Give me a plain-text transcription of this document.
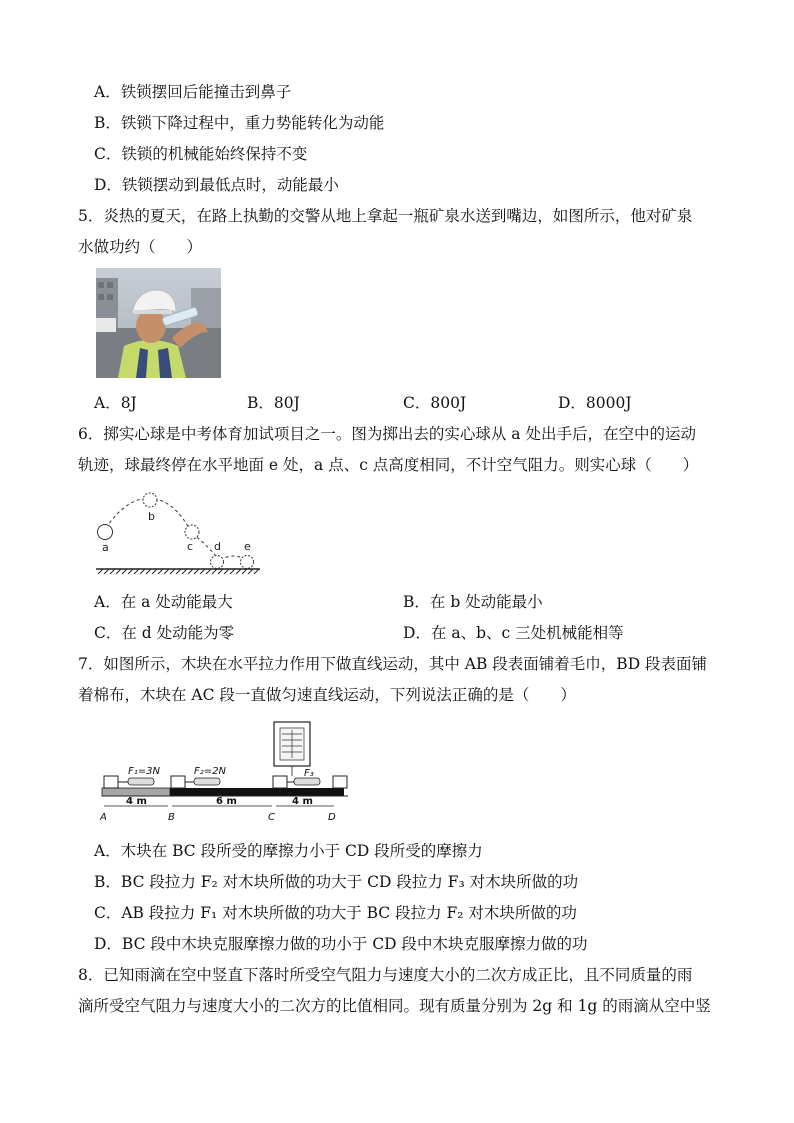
A．铁锁摆回后能撞击到鼻子
B．铁锁下降过程中，重力势能转化为动能
C．铁锁的机械能始终保持不变
D．铁锁摆动到最低点时，动能最小
5．炎热的夏天，在路上执勤的交警从地上拿起一瓶矿泉水送到嘴边，如图所示，他对矿泉
水做功约（　　）
A．8J	B．80J	C．800J	D．8000J
6．掷实心球是中考体育加试项目之一。图为掷出去的实心球从 a 处出手后，在空中的运动
轨迹，球最终停在水平地面 e 处，a 点、c 点高度相同，不计空气阻力。则实心球（　　）
a
b
c d e
A．在 a 处动能最大	B．在 b 处动能最小
C．在 d 处动能为零	D．在 a、b、c 三处机械能相等
7．如图所示，木块在水平拉力作用下做直线运动，其中 AB 段表面铺着毛巾，BD 段表面铺
着棉布，木块在 AC 段一直做匀速直线运动，下列说法正确的是（　　）
F₁=3N	F₂=2N	F₃
4 m	6 m	4 m
A	B	C	D
A．木块在 BC 段所受的摩擦力小于 CD 段所受的摩擦力
B．BC 段拉力 F₂ 对木块所做的功大于 CD 段拉力 F₃ 对木块所做的功
C．AB 段拉力 F₁ 对木块所做的功大于 BC 段拉力 F₂ 对木块所做的功
D．BC 段中木块克服摩擦力做的功小于 CD 段中木块克服摩擦力做的功
8．已知雨滴在空中竖直下落时所受空气阻力与速度大小的二次方成正比，且不同质量的雨
滴所受空气阻力与速度大小的二次方的比值相同。现有质量分别为 2g 和 1g 的雨滴从空中竖
